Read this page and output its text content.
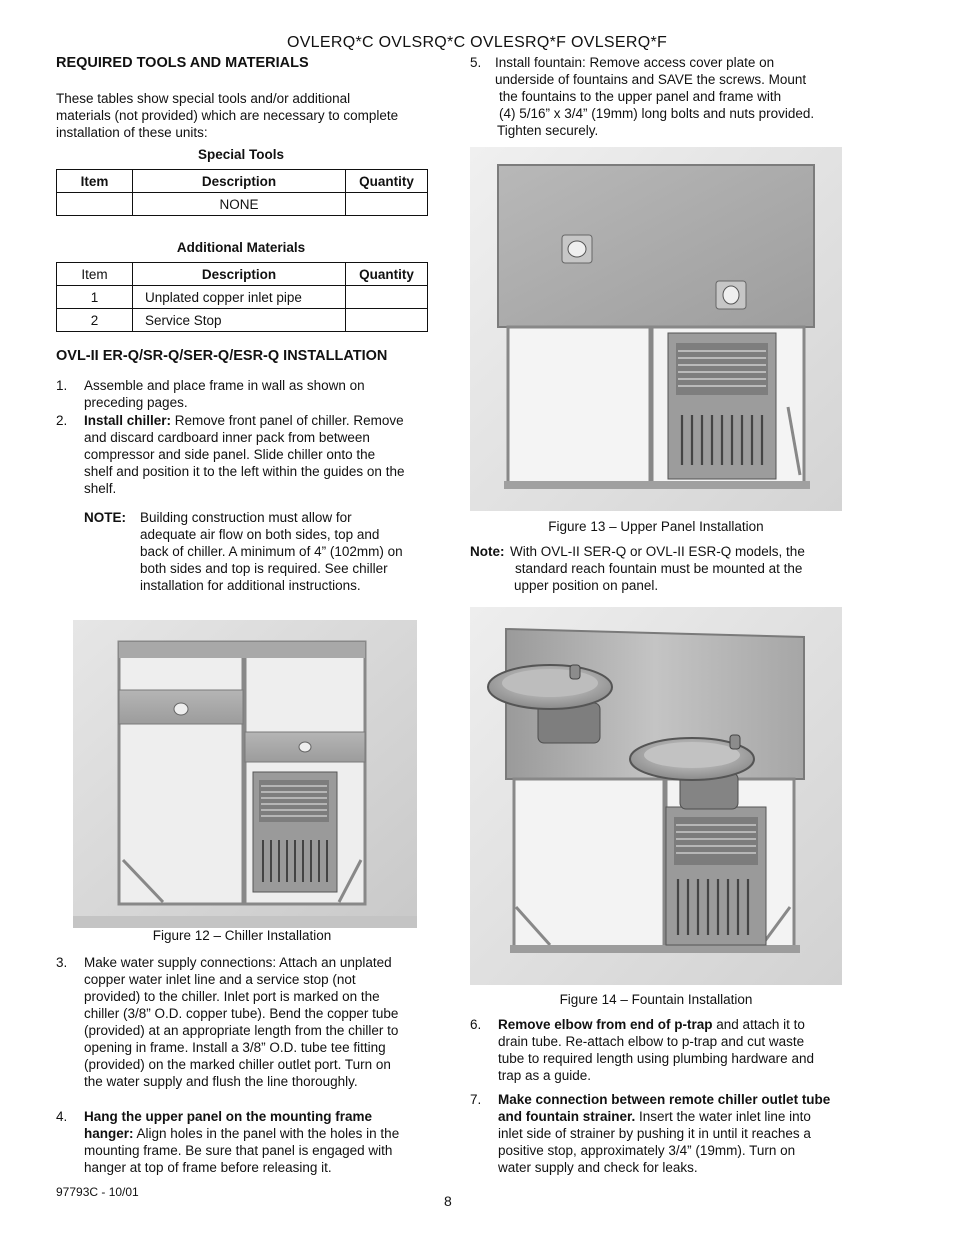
OVLERQ*C OVLSRQ*C OVLESRQ*F OVLSERQ*F
REQUIRED TOOLS AND MATERIALS
These tables show special tools and/or additional
materials (not provided) which are necessary to complete
installation of these units:
Special Tools
Item	Description	Quantity
	NONE	
Additional Materials
Item	Description	Quantity
1	Unplated copper inlet pipe	
2	Service Stop	
OVL-II ER-Q/SR-Q/SER-Q/ESR-Q INSTALLATION
1. Assemble and place frame in wall as shown on
preceding pages.
2. Install chiller: Remove front panel of chiller. Remove
and discard cardboard inner pack from between
compressor and side panel. Slide chiller onto the
shelf and position it to the left within the guides on the
shelf.
NOTE: Building construction must allow for
adequate air flow on both sides, top and
back of chiller. A minimum of 4” (102mm) on
both sides and top is required. See chiller
installation for additional instructions.
Figure 12 – Chiller Installation
3. Make water supply connections: Attach an unplated
copper water inlet line and a service stop (not
provided) to the chiller. Inlet port is marked on the
chiller (3/8” O.D. copper tube). Bend the copper tube
(provided) at an appropriate length from the chiller to
opening in frame. Install a 3/8” O.D. tube tee fitting
(provided) on the marked chiller outlet port. Turn on
the water supply and flush the line thoroughly.
4. Hang the upper panel on the mounting frame
hanger: Align holes in the panel with the holes in the
mounting frame. Be sure that panel is engaged with
hanger at top of frame before releasing it.
97793C - 10/01
8
5. Install fountain: Remove access cover plate on
underside of fountains and SAVE the screws. Mount
the fountains to the upper panel and frame with
(4) 5/16” x 3/4” (19mm) long bolts and nuts provided.
Tighten securely.
Figure 13 – Upper Panel Installation
Note: With OVL-II SER-Q or OVL-II ESR-Q models, the
standard reach fountain must be mounted at the
upper position on panel.
Figure 14 – Fountain Installation
6. Remove elbow from end of p-trap and attach it to
drain tube. Re-attach elbow to p-trap and cut waste
tube to required length using plumbing hardware and
trap as a guide.
7. Make connection between remote chiller outlet tube
and fountain strainer. Insert the water inlet line into
inlet side of strainer by pushing it in until it reaches a
positive stop, approximately 3/4” (19mm). Turn on
water supply and check for leaks.
